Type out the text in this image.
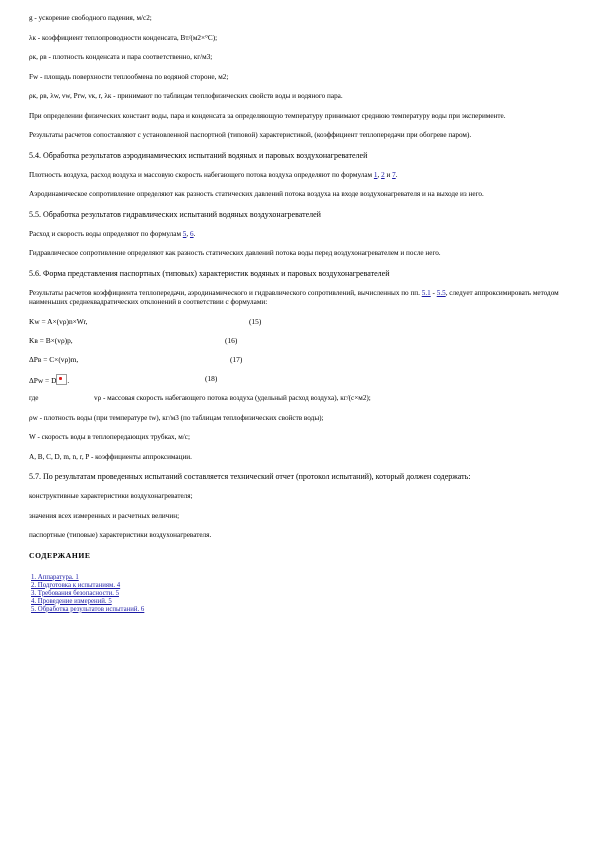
g - ускорение свободного падения, м/с2;

λк - коэффициент теплопроводности конденсата, Вт/(м2×°С);

ρк, ρв - плотность конденсата и пара соответственно, кг/м3;

Fw - площадь поверхности теплообмена по водяной стороне, м2;

ρк, ρв, λw, νw, Prw, νк, r, λк - принимают по таблицам теплофизических свойств воды и водяного пара.

При определении физических констант воды, пара и конденсата за определяющую температуру принимают среднюю температуру воды при эксперименте.

Результаты расчетов сопоставляют с установленной паспортной (типовой) характеристикой, (коэффициент теплопередачи при обогреве паром).

5.4. Обработка результатов аэродинамических испытаний водяных и паровых воздухонагревателей

Плотность воздуха, расход воздуха и массовую скорость набегающего потока воздуха определяют по формулам 1, 2 и 7.

Аэродинамическое сопротивление определяют как разность статических давлений потока воздуха на входе воздухонагревателя и на выходе из него.

5.5. Обработка результатов гидравлических испытаний водяных воздухонагревателей

Расход и скорость воды определяют по формулам 5, 6.

Гидравлическое сопротивление определяют как разность статических давлений потока воды перед воздухонагревателем и после него.

5.6. Форма представления паспортных (типовых) характеристик водяных и паровых воздухонагревателей

Результаты расчетов коэффициента теплопередачи, аэродинамического и гидравлического сопротивлений, вычисленных по пп. 5.1 - 5.5, следует аппроксимировать методом наименьших среднеквадратических отклонений в соответствии с формулами:

Kw = A×(vρ)n×Wr,	(15)
Kв = B×(vρ)p,	(16)
ΔPв = C×(vρ)m,	(17)
ΔPw = D .	(18)
где	vρ - массовая скорость набегающего потока воздуха (удельный расход воздуха), кг/(с×м2);

ρw - плотность воды (при температуре tw), кг/м3 (по таблицам теплофизических свойств воды);

W - скорость воды в теплопередающих трубках, м/с;

A, B, C, D, m, n, r, P - коэффициенты аппроксимации.

5.7. По результатам проведенных испытаний составляется технический отчет (протокол испытаний), который должен содержать:

конструктивные характеристики воздухонагревателя;

значения всех измеренных и расчетных величин;

паспортные (типовые) характеристики воздухонагревателя.

СОДЕРЖАНИЕ
1. Аппаратура. 1
2. Подготовка к испытаниям. 4
3. Требования безопасности. 5
4. Проведение измерений. 5
5. Обработка результатов испытаний. 6
